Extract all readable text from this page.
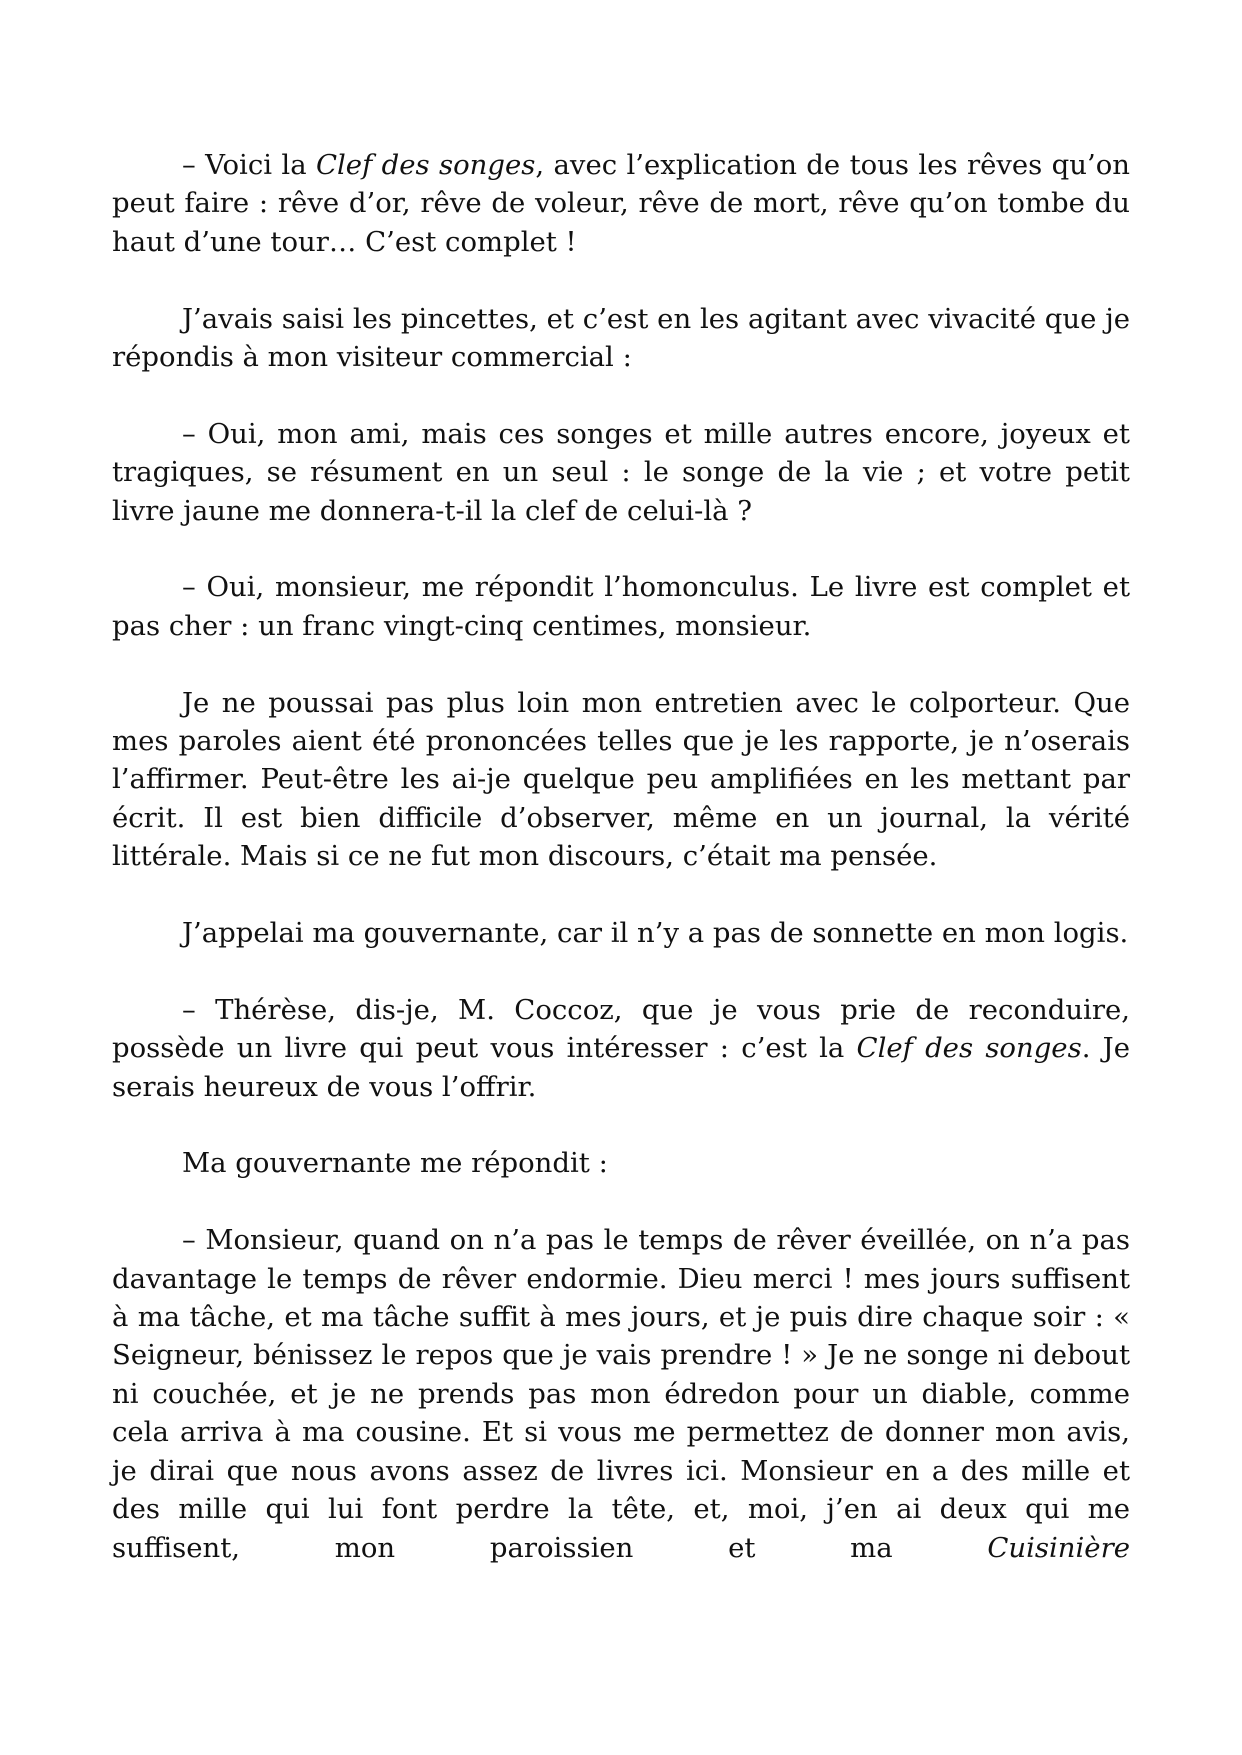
– Voici la Clef des songes, avec l’explication de tous les rêves qu’on peut faire : rêve d’or, rêve de voleur, rêve de mort, rêve qu’on tombe du haut d’une tour… C’est complet !

J’avais saisi les pincettes, et c’est en les agitant avec vivacité que je répondis à mon visiteur commercial :

– Oui, mon ami, mais ces songes et mille autres encore, joyeux et tragiques, se résument en un seul : le songe de la vie ; et votre petit livre jaune me donnera-t-il la clef de celui-là ?

– Oui, monsieur, me répondit l’homonculus. Le livre est complet et pas cher : un franc vingt-cinq centimes, monsieur.

Je ne poussai pas plus loin mon entretien avec le colporteur. Que mes paroles aient été prononcées telles que je les rapporte, je n’oserais l’affirmer. Peut-être les ai-je quelque peu amplifiées en les mettant par écrit. Il est bien difficile d’observer, même en un journal, la vérité littérale. Mais si ce ne fut mon discours, c’était ma pensée.

J’appelai ma gouvernante, car il n’y a pas de sonnette en mon logis.

– Thérèse, dis-je, M. Coccoz, que je vous prie de reconduire, possède un livre qui peut vous intéresser : c’est la Clef des songes. Je serais heureux de vous l’offrir.

Ma gouvernante me répondit :

– Monsieur, quand on n’a pas le temps de rêver éveillée, on n’a pas davantage le temps de rêver endormie. Dieu merci ! mes jours suffisent à ma tâche, et ma tâche suffit à mes jours, et je puis dire chaque soir : « Seigneur, bénissez le repos que je vais prendre ! » Je ne songe ni debout ni couchée, et je ne prends pas mon édredon pour un diable, comme cela arriva à ma cousine. Et si vous me permettez de donner mon avis, je dirai que nous avons assez de livres ici. Monsieur en a des mille et des mille qui lui font perdre la tête, et, moi, j’en ai deux qui me suffisent, mon paroissien et ma Cuisinière
